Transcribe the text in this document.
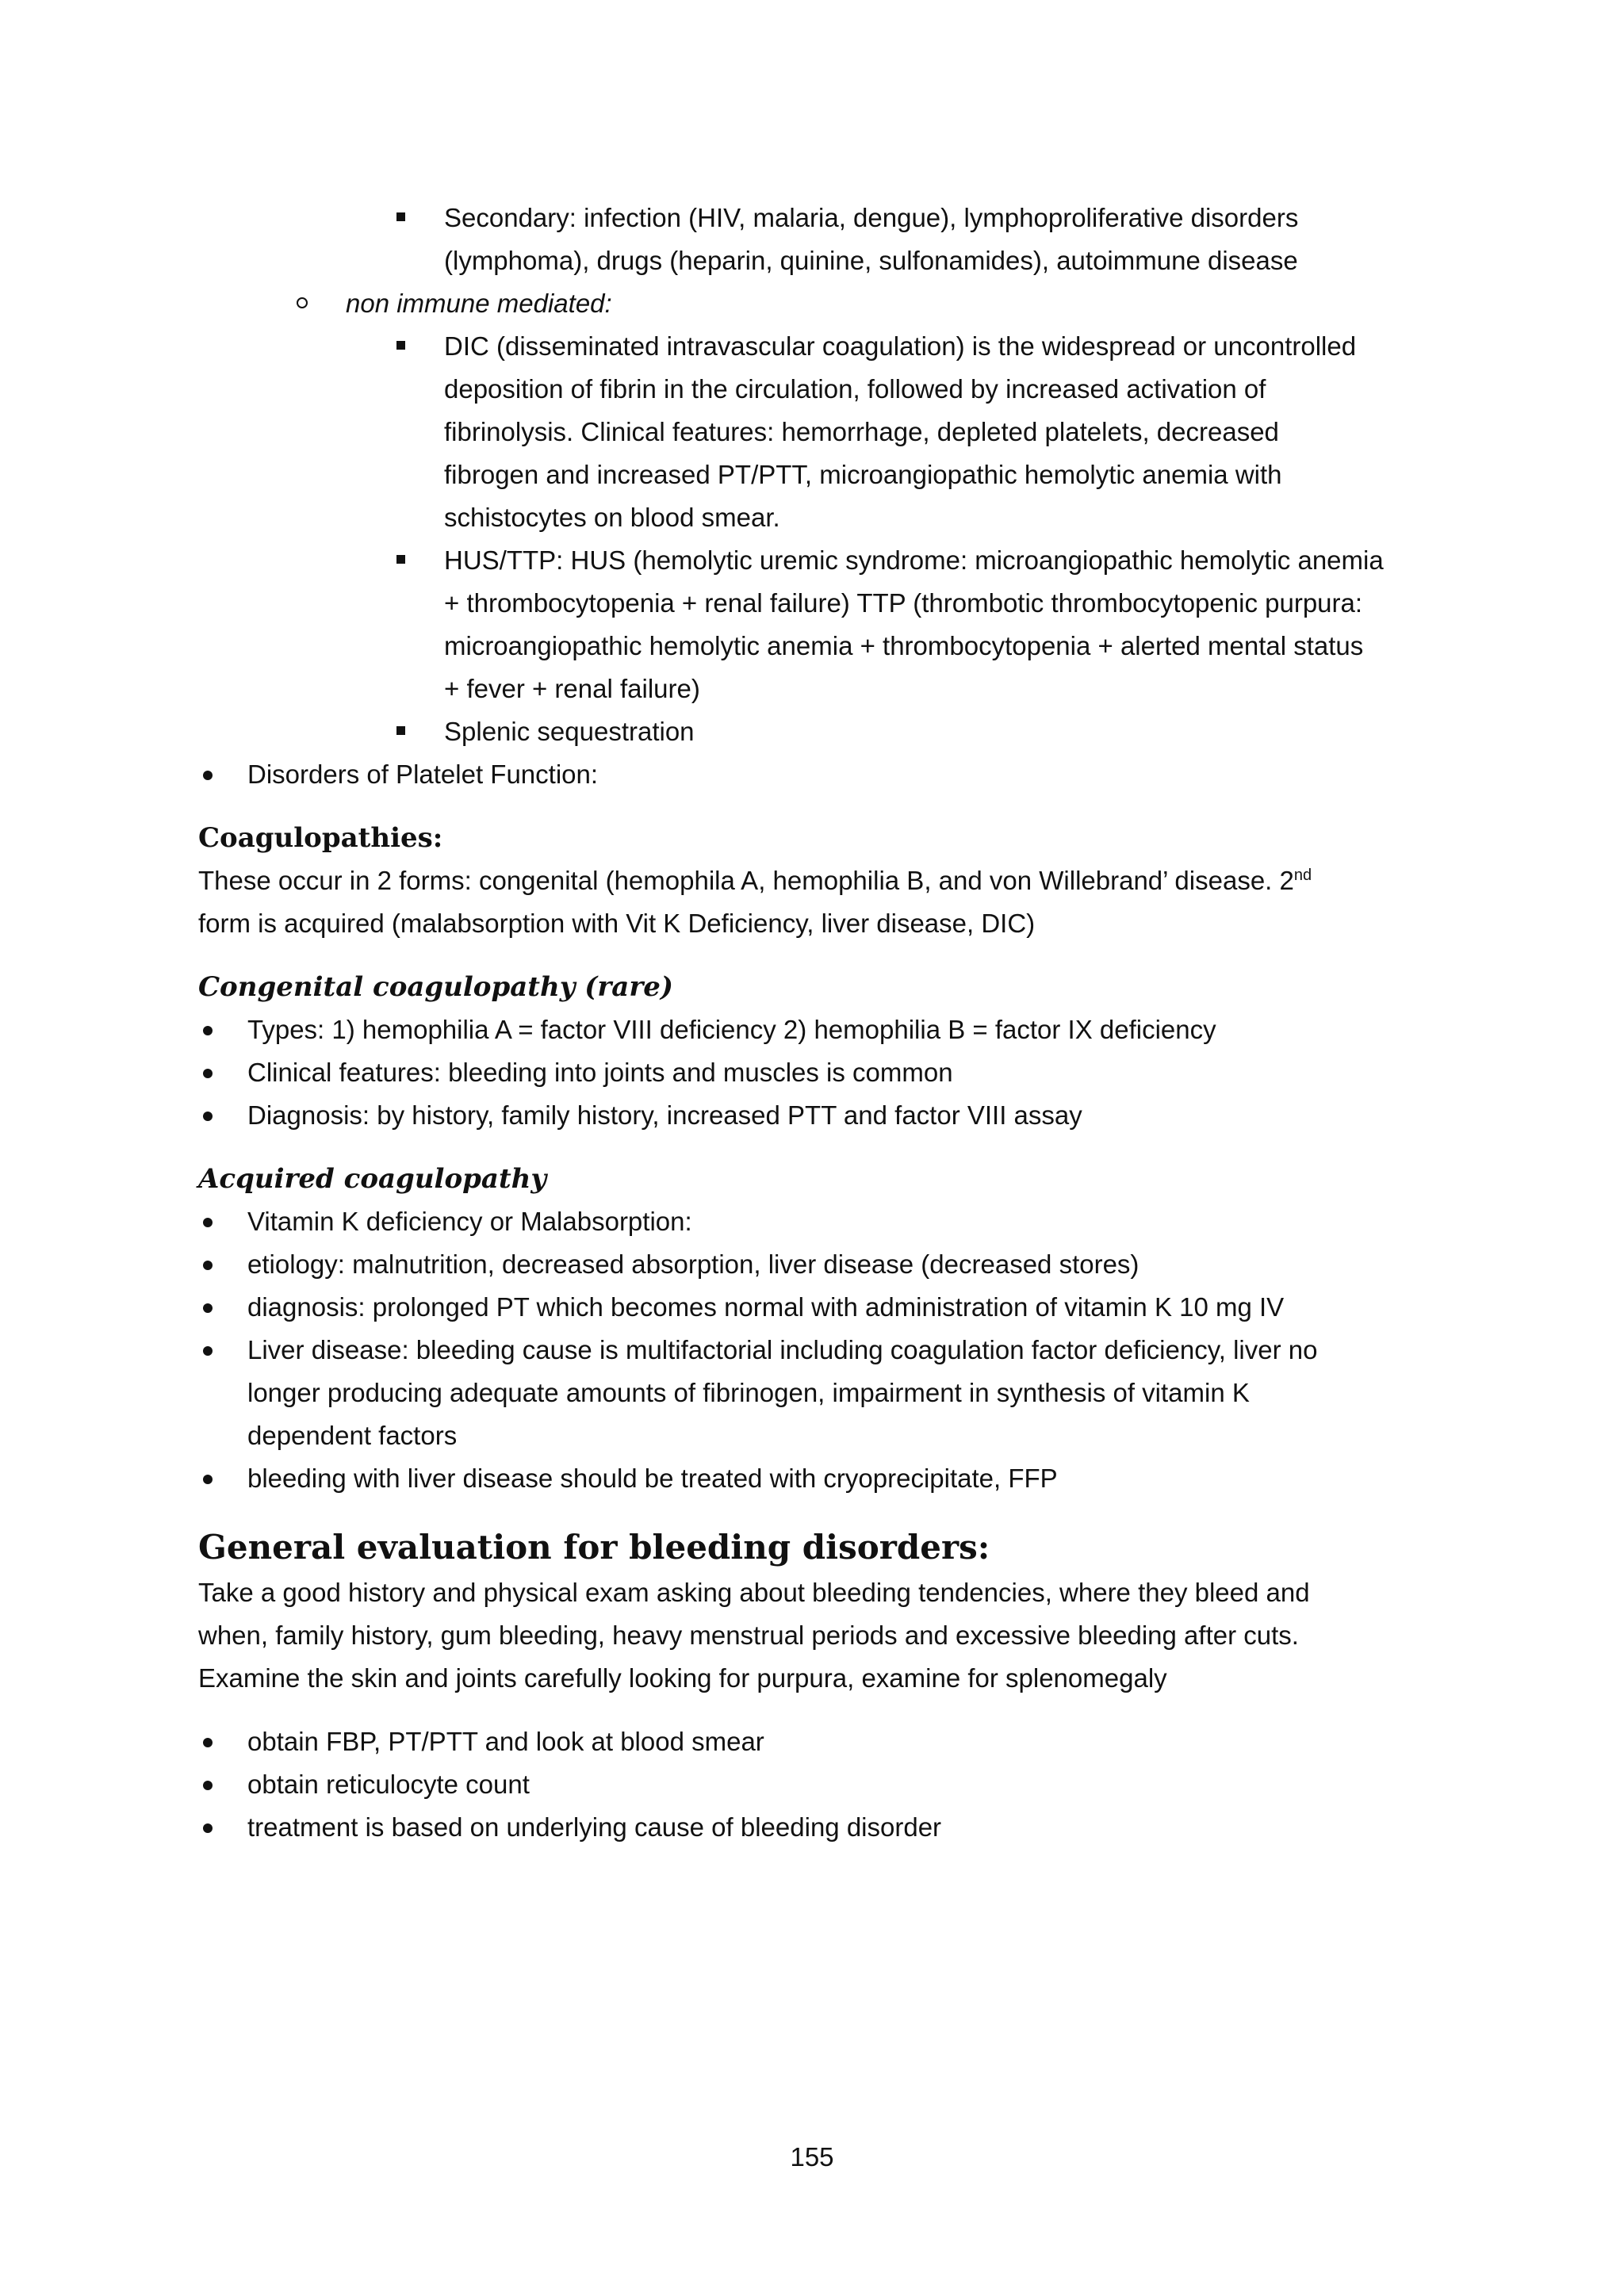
Secondary: infection (HIV, malaria, dengue), lymphoproliferative disorders
(lymphoma), drugs (heparin, quinine, sulfonamides), autoimmune disease
non immune mediated:
DIC (disseminated intravascular coagulation) is the widespread or uncontrolled
deposition of fibrin in the circulation, followed by increased activation of
fibrinolysis. Clinical features: hemorrhage, depleted platelets, decreased
fibrogen and increased PT/PTT, microangiopathic hemolytic anemia with
schistocytes on blood smear.
HUS/TTP: HUS (hemolytic uremic syndrome: microangiopathic hemolytic anemia
+ thrombocytopenia + renal failure) TTP (thrombotic thrombocytopenic purpura:
microangiopathic hemolytic anemia + thrombocytopenia + alerted mental status
+ fever + renal failure)
Splenic sequestration
Disorders of Platelet Function:
Coagulopathies:
These occur in 2 forms: congenital (hemophila A, hemophilia B, and von Willebrand’ disease. 2nd
form is acquired (malabsorption with Vit K Deficiency, liver disease, DIC)
Congenital coagulopathy (rare)
Types: 1) hemophilia A = factor VIII deficiency 2) hemophilia B = factor IX deficiency
Clinical features: bleeding into joints and muscles is common
Diagnosis: by history, family history, increased PTT and factor VIII assay
Acquired coagulopathy
Vitamin K deficiency or Malabsorption:
etiology: malnutrition, decreased absorption, liver disease (decreased stores)
diagnosis: prolonged PT which becomes normal with administration of vitamin K 10 mg IV
Liver disease: bleeding cause is multifactorial including coagulation factor deficiency, liver no
longer producing adequate amounts of fibrinogen, impairment in synthesis of vitamin K
dependent factors
bleeding with liver disease should be treated with cryoprecipitate, FFP
General evaluation for bleeding disorders:
Take a good history and physical exam asking about bleeding tendencies, where they bleed and
when, family history, gum bleeding, heavy menstrual periods and excessive bleeding after cuts.
Examine the skin and joints carefully looking for purpura, examine for splenomegaly
obtain FBP, PT/PTT and look at blood smear
obtain reticulocyte count
treatment is based on underlying cause of bleeding disorder
155
